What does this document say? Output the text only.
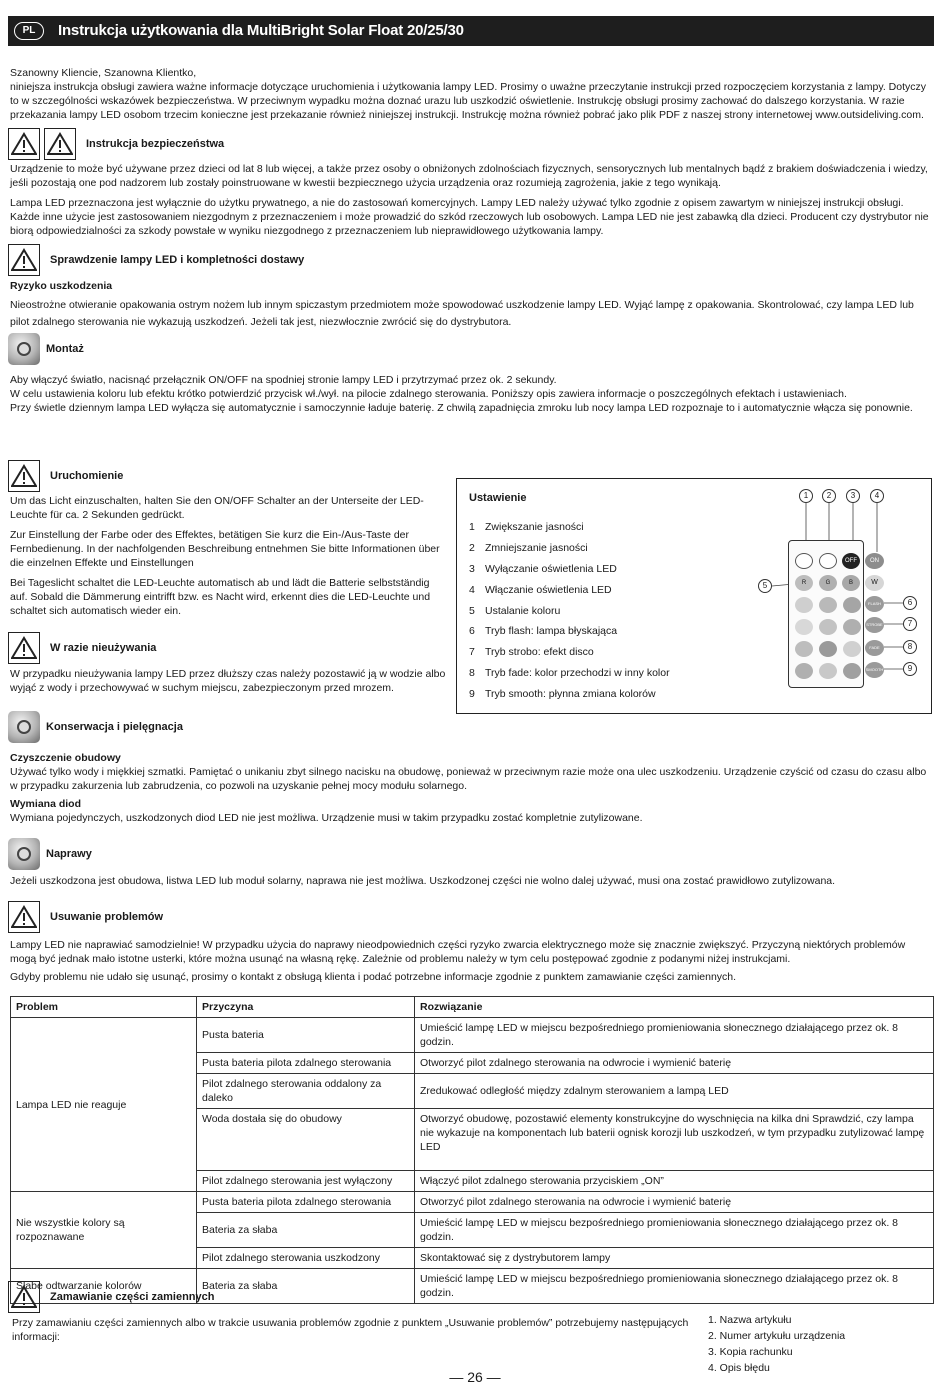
PL	Instrukcja użytkowania dla MultiBright Solar Float 20/25/30

Szanowny Kliencie, Szanowna Klientko,

niniejsza instrukcja obsługi zawiera ważne informacje dotyczące uruchomienia i użytkowania lampy LED. Prosimy o uważne przeczytanie instrukcji przed rozpoczęciem korzystania z lampy. Dotyczy to w szczególności wskazówek bezpieczeństwa. W przeciwnym wypadku można doznać urazu lub uszkodzić oświetlenie. Instrukcję obsługi prosimy zachować do dalszego korzystania. W razie przekazania lampy LED osobom trzecim konieczne jest przekazanie również niniejszej instrukcji. Instrukcję można również pobrać jako plik PDF z naszej strony internetowej www.outsideliving.com.

Instrukcja bezpieczeństwa

Urządzenie to może być używane przez dzieci od lat 8 lub więcej, a także przez osoby o obniżonych zdolnościach fizycznych, sensorycznych lub mentalnych bądź z brakiem doświadczenia i wiedzy, jeśli pozostają one pod nadzorem lub zostały poinstruowane w kwestii bezpiecznego użycia urządzenia oraz rozumieją zagrożenia, jakie z tego wynikają.

Lampa LED przeznaczona jest wyłącznie do użytku prywatnego, a nie do zastosowań komercyjnych. Lampy LED należy używać tylko zgodnie z opisem zawartym w niniejszej instrukcji obsługi. Każde inne użycie jest zastosowaniem niezgodnym z przeznaczeniem i może prowadzić do szkód rzeczowych lub osobowych. Lampa LED nie jest zabawką dla dzieci. Producent czy dystrybutor nie biorą odpowiedzialności za szkody powstałe w wyniku niezgodnego z przeznaczeniem lub nieprawidłowego użytkowania lampy.

Sprawdzenie lampy LED i kompletności dostawy

Ryzyko uszkodzenia

Nieostrożne otwieranie opakowania ostrym nożem lub innym spiczastym przedmiotem może spowodować uszkodzenie lampy LED. Wyjąć lampę z opakowania. Skontrolować, czy lampa LED lub pilot zdalnego sterowania nie wykazują uszkodzeń. Jeżeli tak jest, niezwłocznie zwrócić się do dystrybutora.

Montaż

Aby włączyć światło, nacisnąć przełącznik ON/OFF na spodniej stronie lampy LED i przytrzymać przez ok. 2 sekundy.

W celu ustawienia koloru lub efektu krótko potwierdzić przycisk wł./wył. na pilocie zdalnego sterowania. Poniższy opis zawiera informacje o poszczególnych efektach i ustawieniach.

Przy świetle dziennym lampa LED wyłącza się automatycznie i samoczynnie ładuje baterię. Z chwilą zapadnięcia zmroku lub nocy lampa LED rozpoznaje to i automatycznie włącza się ponownie.

Uruchomienie

Um das Licht einzuschalten, halten Sie den ON/OFF Schalter an der Unterseite der LED-Leuchte für ca. 2 Sekunden gedrückt.

Zur Einstellung der Farbe oder des Effektes, betätigen Sie kurz die Ein-/Aus-Taste der Fernbedienung. In der nachfolgenden Beschreibung entnehmen Sie bitte Informationen über die einzelnen Effekte und Einstellungen

Bei Tageslicht schaltet die LED-Leuchte automatisch ab und lädt die Batterie selbstständig auf. Sobald die Dämmerung eintrifft bzw. es Nacht wird, erkennt dies die LED-Leuchte und schaltet sich automatisch wieder ein.

W razie nieużywania

W przypadku nieużywania lampy LED przez dłuższy czas należy pozostawić ją w wodzie albo wyjąć z wody i przechowywać w suchym miejscu, zabezpieczonym przed mrozem.

Ustawienie
1 Zwiększanie jasności
2 Zmniejszanie jasności
3 Wyłączanie oświetlenia LED
4 Włączanie oświetlenia LED
5 Ustalanie koloru
6 Tryb flash: lampa błyskająca
7 Tryb strobo: efekt disco
8 Tryb fade: kolor przechodzi w inny kolor
9 Tryb smooth: płynna zmiana kolorów
1	2	3	4
5
6
7
8
9
OFF
R	G	B
ON
W
FLASH
STROBE
FADE
SMOOTH
Konserwacja i pielęgnacja

Czyszczenie obudowy

Używać tylko wody i miękkiej szmatki. Pamiętać o unikaniu zbyt silnego nacisku na obudowę, ponieważ w przeciwnym razie może ona ulec uszkodzeniu. Urządzenie czyścić od czasu do czasu albo w przypadku zakurzenia lub zabrudzenia, co pozwoli na uzyskanie pełnej mocy modułu solarnego.

Wymiana diod

Wymiana pojedynczych, uszkodzonych diod LED nie jest możliwa. Urządzenie musi w takim przypadku zostać kompletnie zutylizowane.

Naprawy

Jeżeli uszkodzona jest obudowa, listwa LED lub moduł solarny, naprawa nie jest możliwa. Uszkodzonej części nie wolno dalej używać, musi ona zostać prawidłowo zutylizowana.

Usuwanie problemów

Lampy LED nie naprawiać samodzielnie! W przypadku użycia do naprawy nieodpowiednich części ryzyko zwarcia elektrycznego może się znacznie zwiększyć. Przyczyną niektórych problemów mogą być jednak mało istotne usterki, które można usunąć na własną rękę. Zależnie od problemu należy w tym celu postępować zgodnie z podanymi niżej instrukcjami.

Gdyby problemu nie udało się usunąć, prosimy o kontakt z obsługą klienta i podać potrzebne informacje zgodnie z punktem zamawianie części zamiennych.

Problem	Przyczyna	Rozwiązanie
Lampa LED nie reaguje	Pusta bateria	Umieścić lampę LED w miejscu bezpośredniego promieniowania słonecznego działającego przez ok. 8 godzin.
	Pusta bateria pilota zdalnego sterowania	Otworzyć pilot zdalnego sterowania na odwrocie i wymienić baterię
	Pilot zdalnego sterowania oddalony za daleko	Zredukować odległość między zdalnym sterowaniem a lampą LED
	Woda dostała się do obudowy	Otworzyć obudowę, pozostawić elementy konstrukcyjne do wyschnięcia na kilka dni Sprawdzić, czy lampa nie wykazuje na komponentach lub baterii ognisk korozji lub uszkodzeń, w tym przypadku zutylizować lampę LED
	Pilot zdalnego sterowania jest wyłączony	Włączyć pilot zdalnego sterowania przyciskiem „ON”
Nie wszystkie kolory są rozpoznawane	Pusta bateria pilota zdalnego sterowania	Otworzyć pilot zdalnego sterowania na odwrocie i wymienić baterię
	Bateria za słaba	Umieścić lampę LED w miejscu bezpośredniego promieniowania słonecznego działającego przez ok. 8 godzin.
	Pilot zdalnego sterowania uszkodzony	Skontaktować się z dystrybutorem lampy
Słabe odtwarzanie kolorów	Bateria za słaba	Umieścić lampę LED w miejscu bezpośredniego promieniowania słonecznego działającego przez ok. 8 godzin.
Zamawianie części zamiennych
Przy zamawianiu części zamiennych albo w trakcie usuwania problemów zgodnie z punktem „Usuwanie problemów” potrzebujemy następujących informacji:
1. Nazwa artykułu
2. Numer artykułu urządzenia
3. Kopia rachunku
4. Opis błędu
— 26 —
